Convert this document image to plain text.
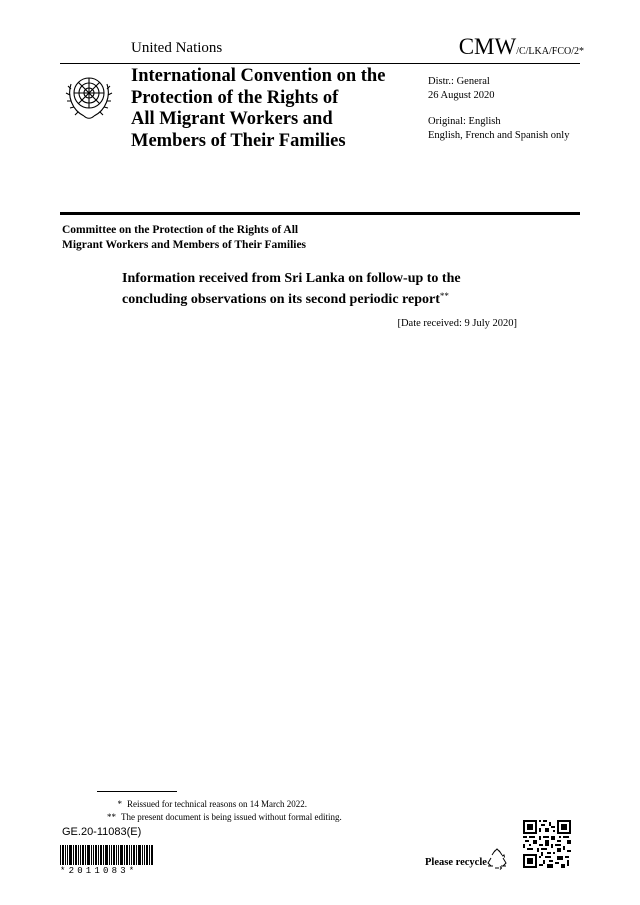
United Nations	CMW/C/LKA/FCO/2*
International Convention on the
Protection of the Rights of
All Migrant Workers and
Members of Their Families
Distr.: General
26 August 2020
Original: English
English, French and Spanish only
Committee on the Protection of the Rights of All
Migrant Workers and Members of Their Families
Information received from Sri Lanka on follow-up to the
concluding observations on its second periodic report**
[Date received: 9 July 2020]
* Reissued for technical reasons on 14 March 2022.
** The present document is being issued without formal editing.
GE.20-11083(E)
*2011083*
Please recycle
